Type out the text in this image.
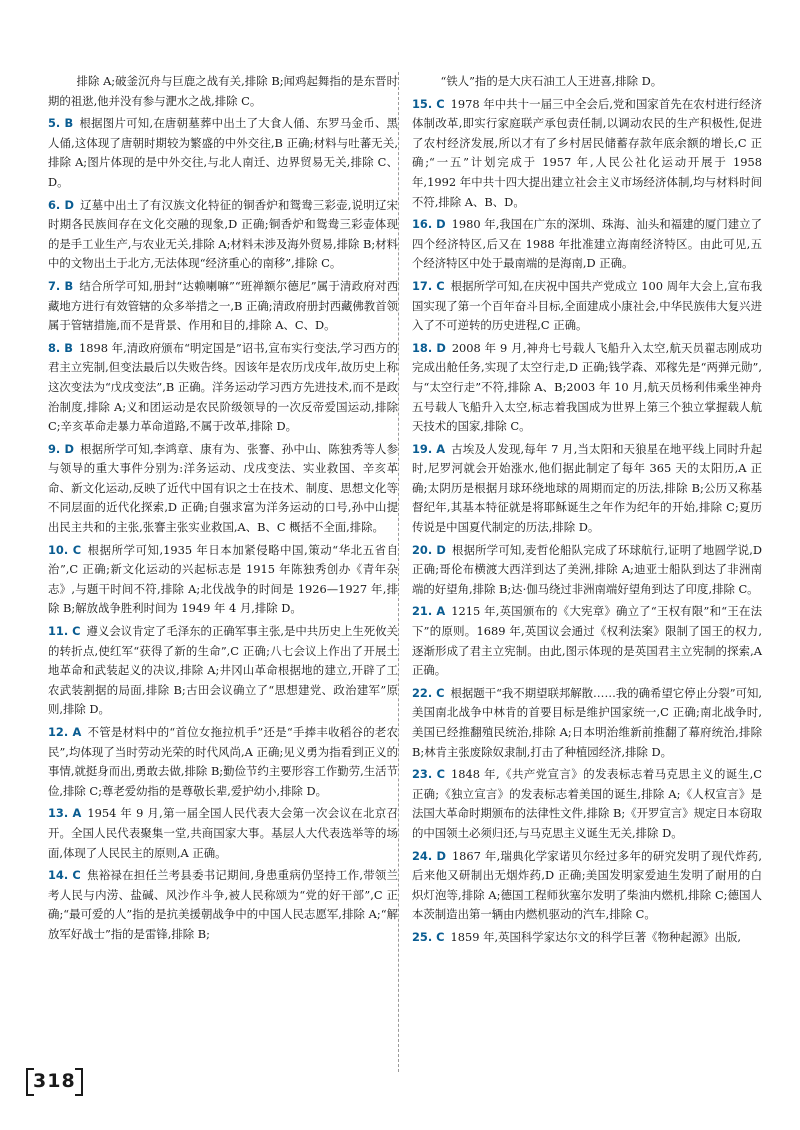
排除 A;破釜沉舟与巨鹿之战有关,排除 B;闻鸡起舞指的是东晋时期的祖逖,他并没有参与淝水之战,排除 C。

5. B 根据图片可知,在唐朝墓葬中出土了大食人俑、东罗马金币、黑人俑,这体现了唐朝时期较为繁盛的中外交往,B 正确;材料与吐蕃无关,排除 A;图片体现的是中外交往,与北人南迁、边界贸易无关,排除 C、D。

6. D 辽墓中出土了有汉族文化特征的铜香炉和鸳鸯三彩壶,说明辽宋时期各民族间存在文化交融的现象,D 正确;铜香炉和鸳鸯三彩壶体现的是手工业生产,与农业无关,排除 A;材料未涉及海外贸易,排除 B;材料中的文物出土于北方,无法体现“经济重心的南移”,排除 C。

7. B 结合所学可知,册封“达赖喇嘛”“班禅额尔德尼”属于清政府对西藏地方进行有效管辖的众多举措之一,B 正确;清政府册封西藏佛教首领属于管辖措施,而不是背景、作用和目的,排除 A、C、D。

8. B 1898 年,清政府颁布“明定国是”诏书,宣布实行变法,学习西方的君主立宪制,但变法最后以失败告终。因该年是农历戊戌年,故历史上称这次变法为“戊戌变法”,B 正确。洋务运动学习西方先进技术,而不是政治制度,排除 A;义和团运动是农民阶级领导的一次反帝爱国运动,排除 C;辛亥革命走暴力革命道路,不属于改革,排除 D。

9. D 根据所学可知,李鸿章、康有为、张謇、孙中山、陈独秀等人参与领导的重大事件分别为:洋务运动、戊戌变法、实业救国、辛亥革命、新文化运动,反映了近代中国有识之士在技术、制度、思想文化等不同层面的近代化探索,D 正确;自强求富为洋务运动的口号,孙中山提出民主共和的主张,张謇主张实业救国,A、B、C 概括不全面,排除。

10. C 根据所学可知,1935 年日本加紧侵略中国,策动“华北五省自治”,C 正确;新文化运动的兴起标志是 1915 年陈独秀创办《青年杂志》,与题干时间不符,排除 A;北伐战争的时间是 1926—1927 年,排除 B;解放战争胜利时间为 1949 年 4 月,排除 D。

11. C 遵义会议肯定了毛泽东的正确军事主张,是中共历史上生死攸关的转折点,使红军“获得了新的生命”,C 正确;八七会议上作出了开展土地革命和武装起义的决议,排除 A;井冈山革命根据地的建立,开辟了工农武装割据的局面,排除 B;古田会议确立了“思想建党、政治建军”原则,排除 D。

12. A 不管是材料中的“首位女拖拉机手”还是“手捧丰收稻谷的老农民”,均体现了当时劳动光荣的时代风尚,A 正确;见义勇为指看到正义的事情,就挺身而出,勇敢去做,排除 B;勤俭节约主要形容工作勤劳,生活节俭,排除 C;尊老爱幼指的是尊敬长辈,爱护幼小,排除 D。

13. A 1954 年 9 月,第一届全国人民代表大会第一次会议在北京召开。全国人民代表聚集一堂,共商国家大事。基层人大代表选举等的场面,体现了人民民主的原则,A 正确。

14. C 焦裕禄在担任兰考县委书记期间,身患重病仍坚持工作,带领兰考人民与内涝、盐碱、风沙作斗争,被人民称颂为“党的好干部”,C 正确;“最可爱的人”指的是抗美援朝战争中的中国人民志愿军,排除 A;“解放军好战士”指的是雷锋,排除 B;

“铁人”指的是大庆石油工人王进喜,排除 D。

15. C 1978 年中共十一届三中全会后,党和国家首先在农村进行经济体制改革,即实行家庭联产承包责任制,以调动农民的生产积极性,促进了农村经济发展,所以才有了乡村居民储蓄存款年底余额的增长,C 正确;“一五”计划完成于 1957 年,人民公社化运动开展于 1958 年,1992 年中共十四大提出建立社会主义市场经济体制,均与材料时间不符,排除 A、B、D。

16. D 1980 年,我国在广东的深圳、珠海、汕头和福建的厦门建立了四个经济特区,后又在 1988 年批准建立海南经济特区。由此可见,五个经济特区中处于最南端的是海南,D 正确。

17. C 根据所学可知,在庆祝中国共产党成立 100 周年大会上,宣布我国实现了第一个百年奋斗目标,全面建成小康社会,中华民族伟大复兴进入了不可逆转的历史进程,C 正确。

18. D 2008 年 9 月,神舟七号载人飞船升入太空,航天员翟志刚成功完成出舱任务,实现了太空行走,D 正确;钱学森、邓稼先是“两弹元勋”,与“太空行走”不符,排除 A、B;2003 年 10 月,航天员杨利伟乘坐神舟五号载人飞船升入太空,标志着我国成为世界上第三个独立掌握载人航天技术的国家,排除 C。

19. A 古埃及人发现,每年 7 月,当太阳和天狼星在地平线上同时升起时,尼罗河就会开始涨水,他们据此制定了每年 365 天的太阳历,A 正确;太阴历是根据月球环绕地球的周期而定的历法,排除 B;公历又称基督纪年,其基本特征就是将耶稣诞生之年作为纪年的开始,排除 C;夏历传说是中国夏代制定的历法,排除 D。

20. D 根据所学可知,麦哲伦船队完成了环球航行,证明了地圆学说,D 正确;哥伦布横渡大西洋到达了美洲,排除 A;迪亚士船队到达了非洲南端的好望角,排除 B;达·伽马绕过非洲南端好望角到达了印度,排除 C。

21. A 1215 年,英国颁布的《大宪章》确立了“王权有限”和“王在法下”的原则。1689 年,英国议会通过《权利法案》限制了国王的权力,逐渐形成了君主立宪制。由此,图示体现的是英国君主立宪制的探索,A 正确。

22. C 根据题干“我不期望联邦解散……我的确希望它停止分裂”可知,美国南北战争中林肯的首要目标是维护国家统一,C 正确;南北战争时,美国已经推翻殖民统治,排除 A;日本明治维新前推翻了幕府统治,排除 B;林肯主张废除奴隶制,打击了种植园经济,排除 D。

23. C 1848 年,《共产党宣言》的发表标志着马克思主义的诞生,C 正确;《独立宣言》的发表标志着美国的诞生,排除 A;《人权宣言》是法国大革命时期颁布的法律性文件,排除 B;《开罗宣言》规定日本窃取的中国领土必须归还,与马克思主义诞生无关,排除 D。

24. D 1867 年,瑞典化学家诺贝尔经过多年的研究发明了现代炸药,后来他又研制出无烟炸药,D 正确;美国发明家爱迪生发明了耐用的白炽灯泡等,排除 A;德国工程师狄塞尔发明了柴油内燃机,排除 C;德国人本茨制造出第一辆由内燃机驱动的汽车,排除 C。

25. C 1859 年,英国科学家达尔文的科学巨著《物种起源》出版,

318
